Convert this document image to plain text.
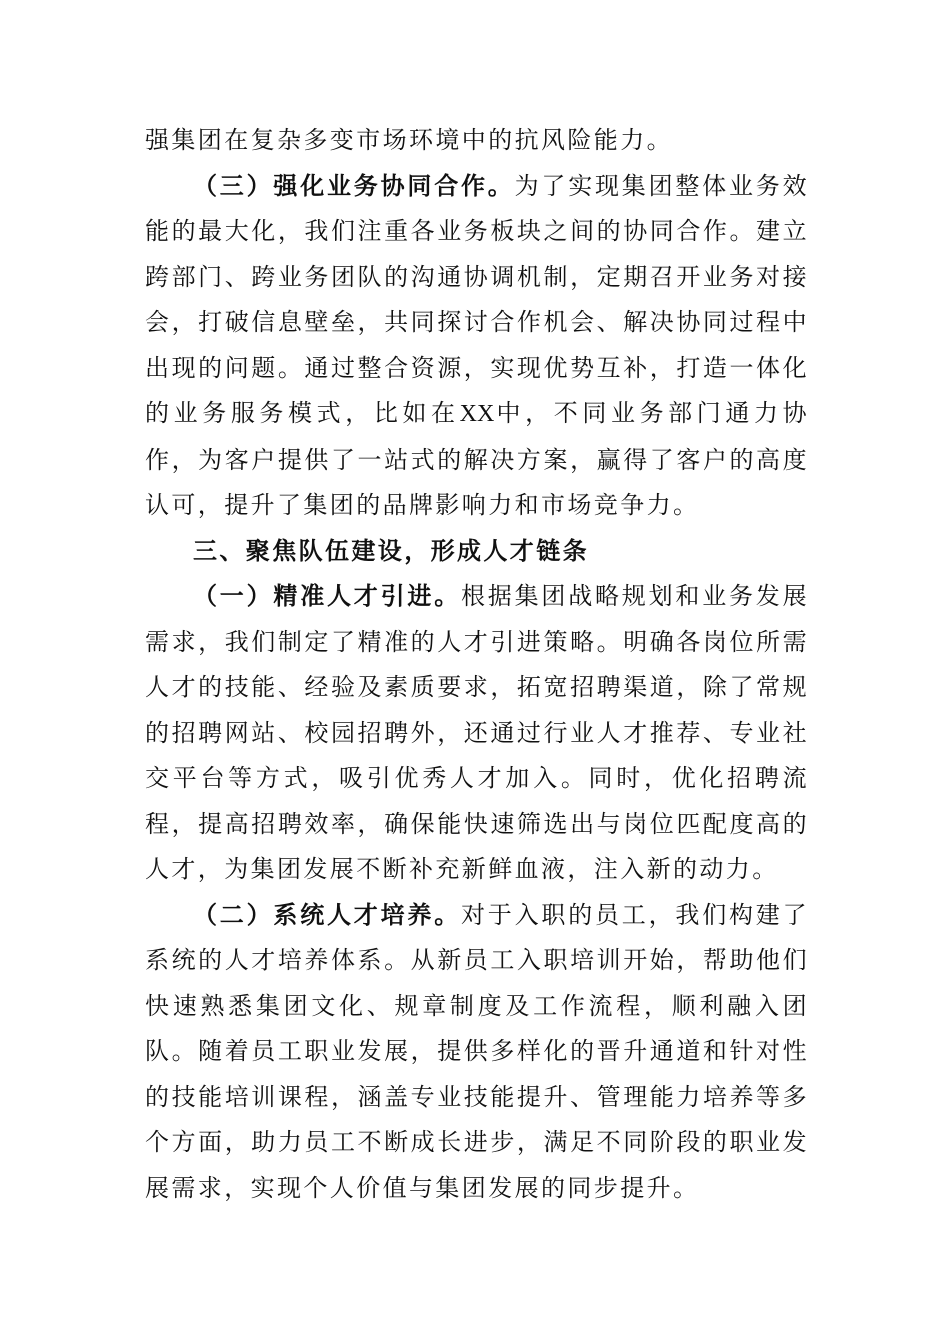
强集团在复杂多变市场环境中的抗风险能力。

（三）强化业务协同合作。为了实现集团整体业务效能的最大化，我们注重各业务板块之间的协同合作。建立跨部门、跨业务团队的沟通协调机制，定期召开业务对接会，打破信息壁垒，共同探讨合作机会、解决协同过程中出现的问题。通过整合资源，实现优势互补，打造一体化的业务服务模式，比如在XX中，不同业务部门通力协作，为客户提供了一站式的解决方案，赢得了客户的高度认可，提升了集团的品牌影响力和市场竞争力。

三、聚焦队伍建设，形成人才链条

（一）精准人才引进。根据集团战略规划和业务发展需求，我们制定了精准的人才引进策略。明确各岗位所需人才的技能、经验及素质要求，拓宽招聘渠道，除了常规的招聘网站、校园招聘外，还通过行业人才推荐、专业社交平台等方式，吸引优秀人才加入。同时，优化招聘流程，提高招聘效率，确保能快速筛选出与岗位匹配度高的人才，为集团发展不断补充新鲜血液，注入新的动力。

（二）系统人才培养。对于入职的员工，我们构建了系统的人才培养体系。从新员工入职培训开始，帮助他们快速熟悉集团文化、规章制度及工作流程，顺利融入团队。随着员工职业发展，提供多样化的晋升通道和针对性的技能培训课程，涵盖专业技能提升、管理能力培养等多个方面，助力员工不断成长进步，满足不同阶段的职业发展需求，实现个人价值与集团发展的同步提升。
